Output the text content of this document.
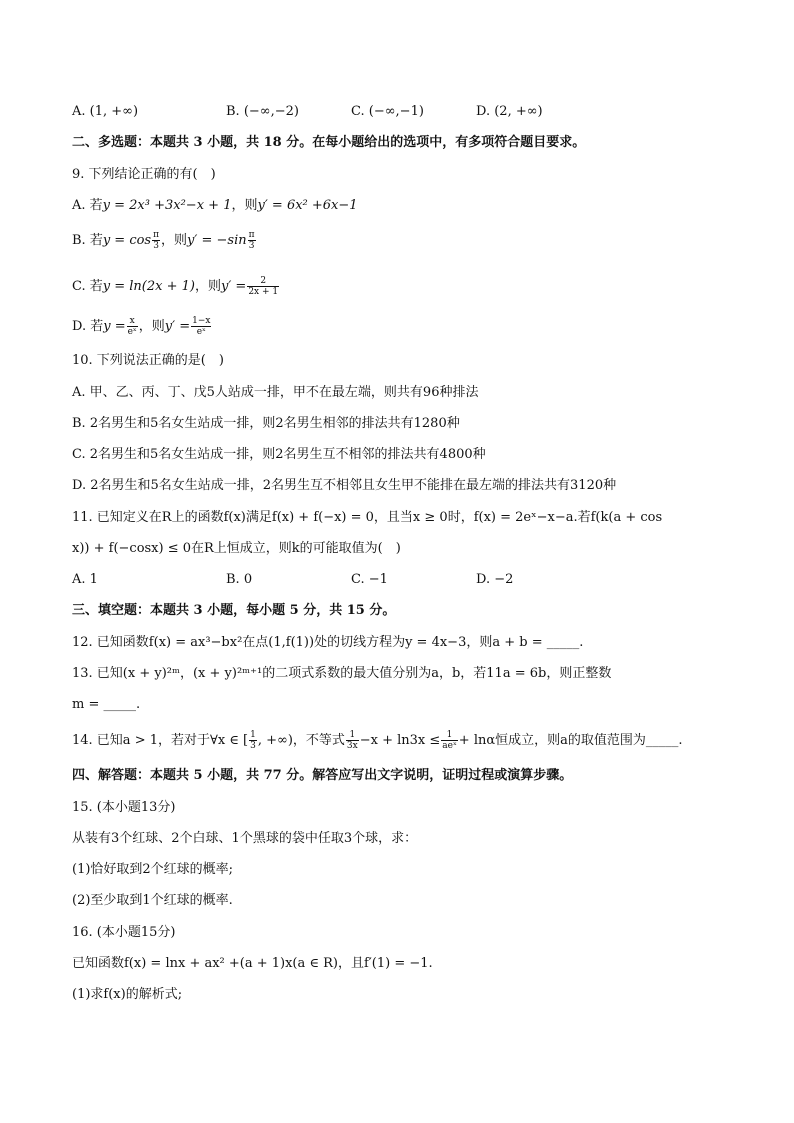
A. (1, +∞)	B. (−∞,−2)	C. (−∞,−1)	D. (2, +∞)
二、多选题：本题共 3 小题，共 18 分。在每小题给出的选项中，有多项符合题目要求。
9. 下列结论正确的有(　)
A. 若y = 2x³ +3x²−x + 1，则y′ = 6x² +6x−1
B. 若$y = \cos \frac{\pi}{3}$ ，则$y' = -\sin \frac{\pi}{3}$
C. 若y = ln(2x + 1)，则$y' = \frac{2}{2x + 1}$
D. 若$y = \frac{x}{\text{eˣ}}$ ，则$y' = \frac{1-x}{\text{eˣ}}$
10. 下列说法正确的是(　)
A. 甲、乙、丙、丁、戊5人站成一排，甲不在最左端，则共有96种排法
B. 2名男生和5名女生站成一排，则2名男生相邻的排法共有1280种
C. 2名男生和5名女生站成一排，则2名男生互不相邻的排法共有4800种
D. 2名男生和5名女生站成一排，2名男生互不相邻且女生甲不能排在最左端的排法共有3120种
11. 已知定义在R上的函数f(x)满足f(x) + f(−x) = 0，且当x ≥ 0时，f(x) = 2eˣ−x−a.若f(k(a + cos
x)) + f(−cosx) ≤ 0在R上恒成立，则k的可能取值为(　)
A. 1	B. 0	C. −1	D. −2
三、填空题：本题共 3 小题，每小题 5 分，共 15 分。
12. 已知函数f(x) = ax³−bx²在点(1,f(1))处的切线方程为y = 4x−3，则a + b = _____.
13. 已知(x + y)²ᵐ，(x + y)²ᵐ⁺¹的二项式系数的最大值分别为a，b，若11a = 6b，则正整数
m = _____.
14. 已知a > 1，若对于∀x ∈ [ $\frac{1}{3}$ , +∞)，不等式 $\frac{1}{3x} -x + \ln 3x \le \frac{1}{\text{aeˣ}} + \ln\alpha$恒成立，则a的取值范围为_____.
四、解答题：本题共 5 小题，共 77 分。解答应写出文字说明，证明过程或演算步骤。
15. (本小题13分)
从装有3个红球、2个白球、1个黑球的袋中任取3个球，求：
(1)恰好取到2个红球的概率;
(2)至少取到1个红球的概率.
16. (本小题15分)
已知函数f(x) = lnx + ax² +(a + 1)x(a ∈ R)，且f′(1) = −1.
(1)求f(x)的解析式;
